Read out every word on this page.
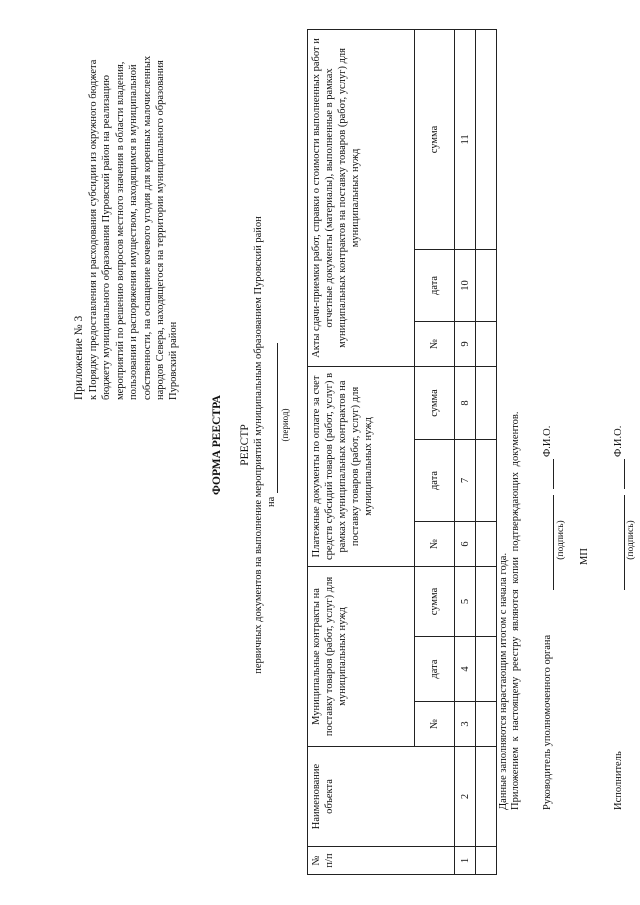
Приложение № 3 к Порядку предоставления и расходования субсидии из окружного бюджета бюджету муниципального образования Пуровский район на реализацию мероприятий по решению вопросов местного значения в области владения, пользования и распоряжения имуществом, находящимся в муниципальной собственности, на оснащение кочевого угодия для коренных малочисленных народов Севера, находящегося на территории муниципального образования Пуровский район
ФОРМА РЕЕСТРА РЕЕСТР первичных документов на выполнение мероприятий муниципальным образованием Пуровский район на
(период)
№ п/п	Наименование объекта	Муниципальные контракты на поставку товаров (работ, услуг) для муниципальных нужд			Платежные документы по оплате за счет средств субсидий товаров (работ, услуг) в рамках муниципальных контрактов на поставку товаров (работ, услуг) для муниципальных нужд			Акты сдачи-приемки работ, справки о стоимости выполненных работ и отчетные документы (материалы), выполненные в рамках муниципальных контрактов на поставку товаров (работ, услуг) для муниципальных нужд		
		№	дата	сумма	№	дата	сумма	№	дата	сумма
1	2	3	4	5	6	7	8	9	10	11

Данные заполняются нарастающим итогом с начала года. Приложением к настоящему реестру являются копии подтверждающих документов. Руководитель уполномоченного органа
(подпись)
Ф.И.О.
МП
Исполнитель
(подпись)
Ф.И.О.
